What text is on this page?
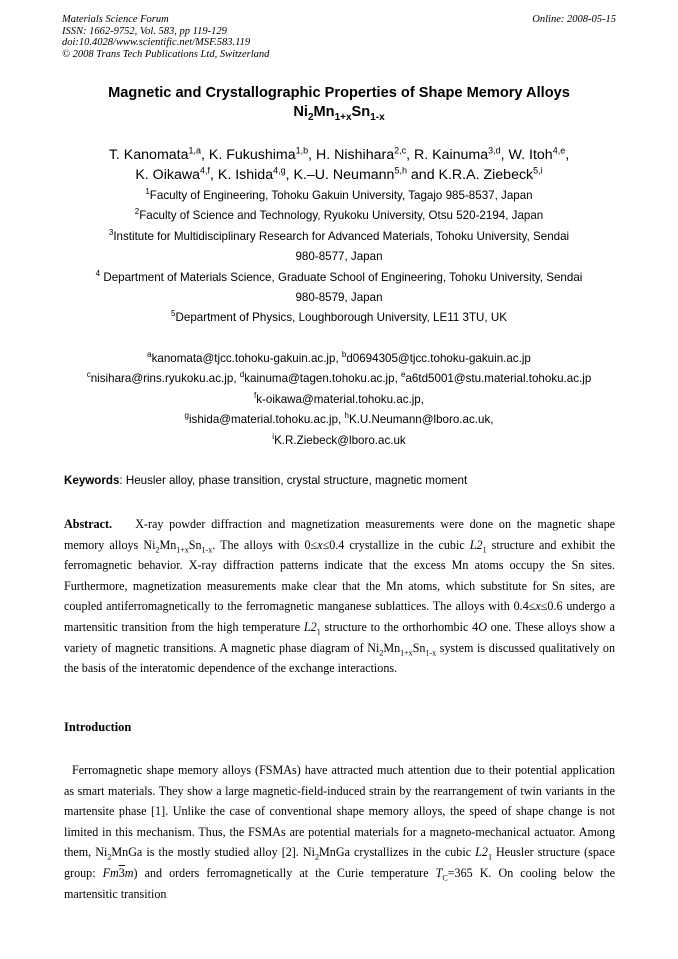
Materials Science Forum
ISSN: 1662-9752, Vol. 583, pp 119-129
doi:10.4028/www.scientific.net/MSF.583.119
© 2008 Trans Tech Publications Ltd, Switzerland
Online: 2008-05-15
Magnetic and Crystallographic Properties of Shape Memory Alloys
$Ni_2Mn_{1+x}Sn_{1-x}$
T. Kanomata$^{1,a}$, K. Fukushima$^{1,b}$, H. Nishihara$^{2,c}$, R. Kainuma$^{3,d}$, W. Itoh$^{4,e}$,
K. Oikawa$^{4,f}$, K. Ishida$^{4,g}$, K.–U. Neumann$^{5,h}$ and K.R.A. Ziebeck$^{5,i}$
$^1$Faculty of Engineering, Tohoku Gakuin University, Tagajo 985-8537, Japan
$^2$Faculty of Science and Technology, Ryukoku University, Otsu 520-2194, Japan
$^3$Institute for Multidisciplinary Research for Advanced Materials, Tohoku University, Sendai
980-8577, Japan
$^4$ Department of Materials Science, Graduate School of Engineering, Tohoku University, Sendai
980-8579, Japan
$^5$Department of Physics, Loughborough University, LE11 3TU, UK
$^a$kanomata@tjcc.tohoku-gakuin.ac.jp, $^b$d0694305@tjcc.tohoku-gakuin.ac.jp
$^c$nisihara@rins.ryukoku.ac.jp, $^d$kainuma@tagen.tohoku.ac.jp, $^e$a6td5001@stu.material.tohoku.ac.jp
$^f$k-oikawa@material.tohoku.ac.jp,
$^g$ishida@material.tohoku.ac.jp, $^h$K.U.Neumann@lboro.ac.uk,
$^i$K.R.Ziebeck@lboro.ac.uk
Keywords: Heusler alloy, phase transition, crystal structure, magnetic moment
Abstract. X-ray powder diffraction and magnetization measurements were done on the magnetic shape memory alloys $Ni_2Mn_{1+x}Sn_{1-x}$. The alloys with 0≤x≤0.4 crystallize in the cubic $L2_1$ structure and exhibit the ferromagnetic behavior. X-ray diffraction patterns indicate that the excess Mn atoms occupy the Sn sites. Furthermore, magnetization measurements make clear that the Mn atoms, which substitute for Sn sites, are coupled antiferromagnetically to the ferromagnetic manganese sublattices. The alloys with 0.4≤x≤0.6 undergo a martensitic transition from the high temperature $L2_1$ structure to the orthorhombic 4O one. These alloys show a variety of magnetic transitions. A magnetic phase diagram of $Ni_2Mn_{1+x}Sn_{1-x}$ system is discussed qualitatively on the basis of the interatomic dependence of the exchange interactions.
Introduction
Ferromagnetic shape memory alloys (FSMAs) have attracted much attention due to their potential application as smart materials. They show a large magnetic-field-induced strain by the rearrangement of twin variants in the martensite phase [1]. Unlike the case of conventional shape memory alloys, the speed of shape change is not limited in this mechanism. Thus, the FSMAs are potential materials for a magneto-mechanical actuator. Among them, $Ni_2MnGa$ is the mostly studied alloy [2]. $Ni_2MnGa$ crystallizes in the cubic $L2_1$ Heusler structure (space group: Fm3m) and orders ferromagnetically at the Curie temperature $T_C=365$ K. On cooling below the martensitic transition
